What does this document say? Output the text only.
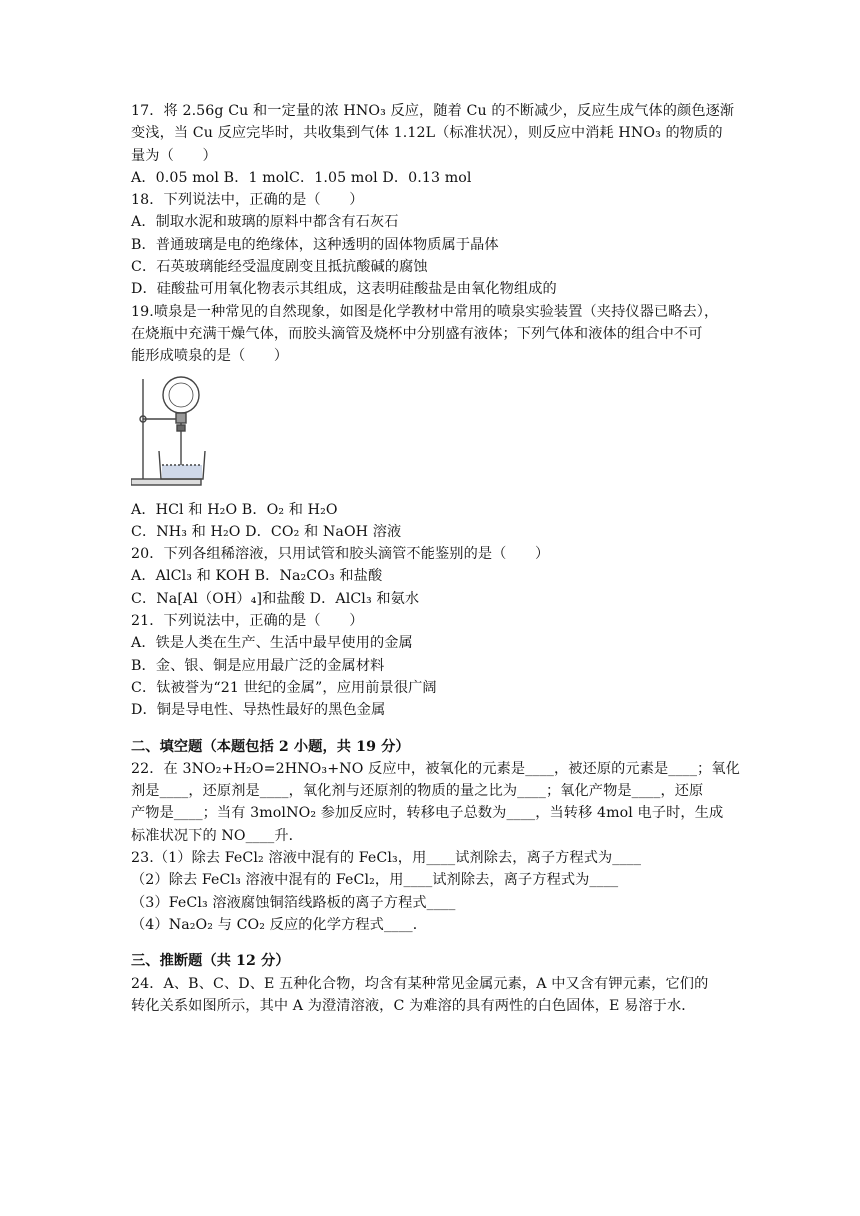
17．将 2.56g Cu 和一定量的浓 HNO₃ 反应，随着 Cu 的不断减少，反应生成气体的颜色逐渐
变浅，当 Cu 反应完毕时，共收集到气体 1.12L（标准状况），则反应中消耗 HNO₃ 的物质的
量为（　　）
A．0.05 mol B．1 molC．1.05 mol D．0.13 mol
18．下列说法中，正确的是（　　）
A．制取水泥和玻璃的原料中都含有石灰石
B．普通玻璃是电的绝缘体，这种透明的固体物质属于晶体
C．石英玻璃能经受温度剧变且抵抗酸碱的腐蚀
D．硅酸盐可用氧化物表示其组成，这表明硅酸盐是由氧化物组成的
19.喷泉是一种常见的自然现象，如图是化学教材中常用的喷泉实验装置（夹持仪器已略去），
在烧瓶中充满干燥气体，而胶头滴管及烧杯中分别盛有液体；下列气体和液体的组合中不可
能形成喷泉的是（　　）
A．HCl 和 H₂O B．O₂ 和 H₂O
C．NH₃ 和 H₂O D．CO₂ 和 NaOH 溶液
20．下列各组稀溶液，只用试管和胶头滴管不能鉴别的是（　　）
A．AlCl₃ 和 KOH B．Na₂CO₃ 和盐酸
C．Na[Al（OH）₄]和盐酸 D．AlCl₃ 和氨水
21．下列说法中，正确的是（　　）
A．铁是人类在生产、生活中最早使用的金属
B．金、银、铜是应用最广泛的金属材料
C．钛被誉为“21 世纪的金属”，应用前景很广阔
D．铜是导电性、导热性最好的黑色金属
二、填空题（本题包括 2 小题，共 19 分）
22．在 3NO₂+H₂O=2HNO₃+NO 反应中，被氧化的元素是____，被还原的元素是____；氧化
剂是____，还原剂是____，氧化剂与还原剂的物质的量之比为____；氧化产物是____，还原
产物是____；当有 3molNO₂ 参加反应时，转移电子总数为____，当转移 4mol 电子时，生成
标准状况下的 NO____升．
23.（1）除去 FeCl₂ 溶液中混有的 FeCl₃，用____试剂除去，离子方程式为____
（2）除去 FeCl₃ 溶液中混有的 FeCl₂，用____试剂除去，离子方程式为____
（3）FeCl₃ 溶液腐蚀铜箔线路板的离子方程式____
（4）Na₂O₂ 与 CO₂ 反应的化学方程式____．
三、推断题（共 12 分）
24．A、B、C、D、E 五种化合物，均含有某种常见金属元素，A 中又含有钾元素，它们的
转化关系如图所示，其中 A 为澄清溶液，C 为难溶的具有两性的白色固体，E 易溶于水．
